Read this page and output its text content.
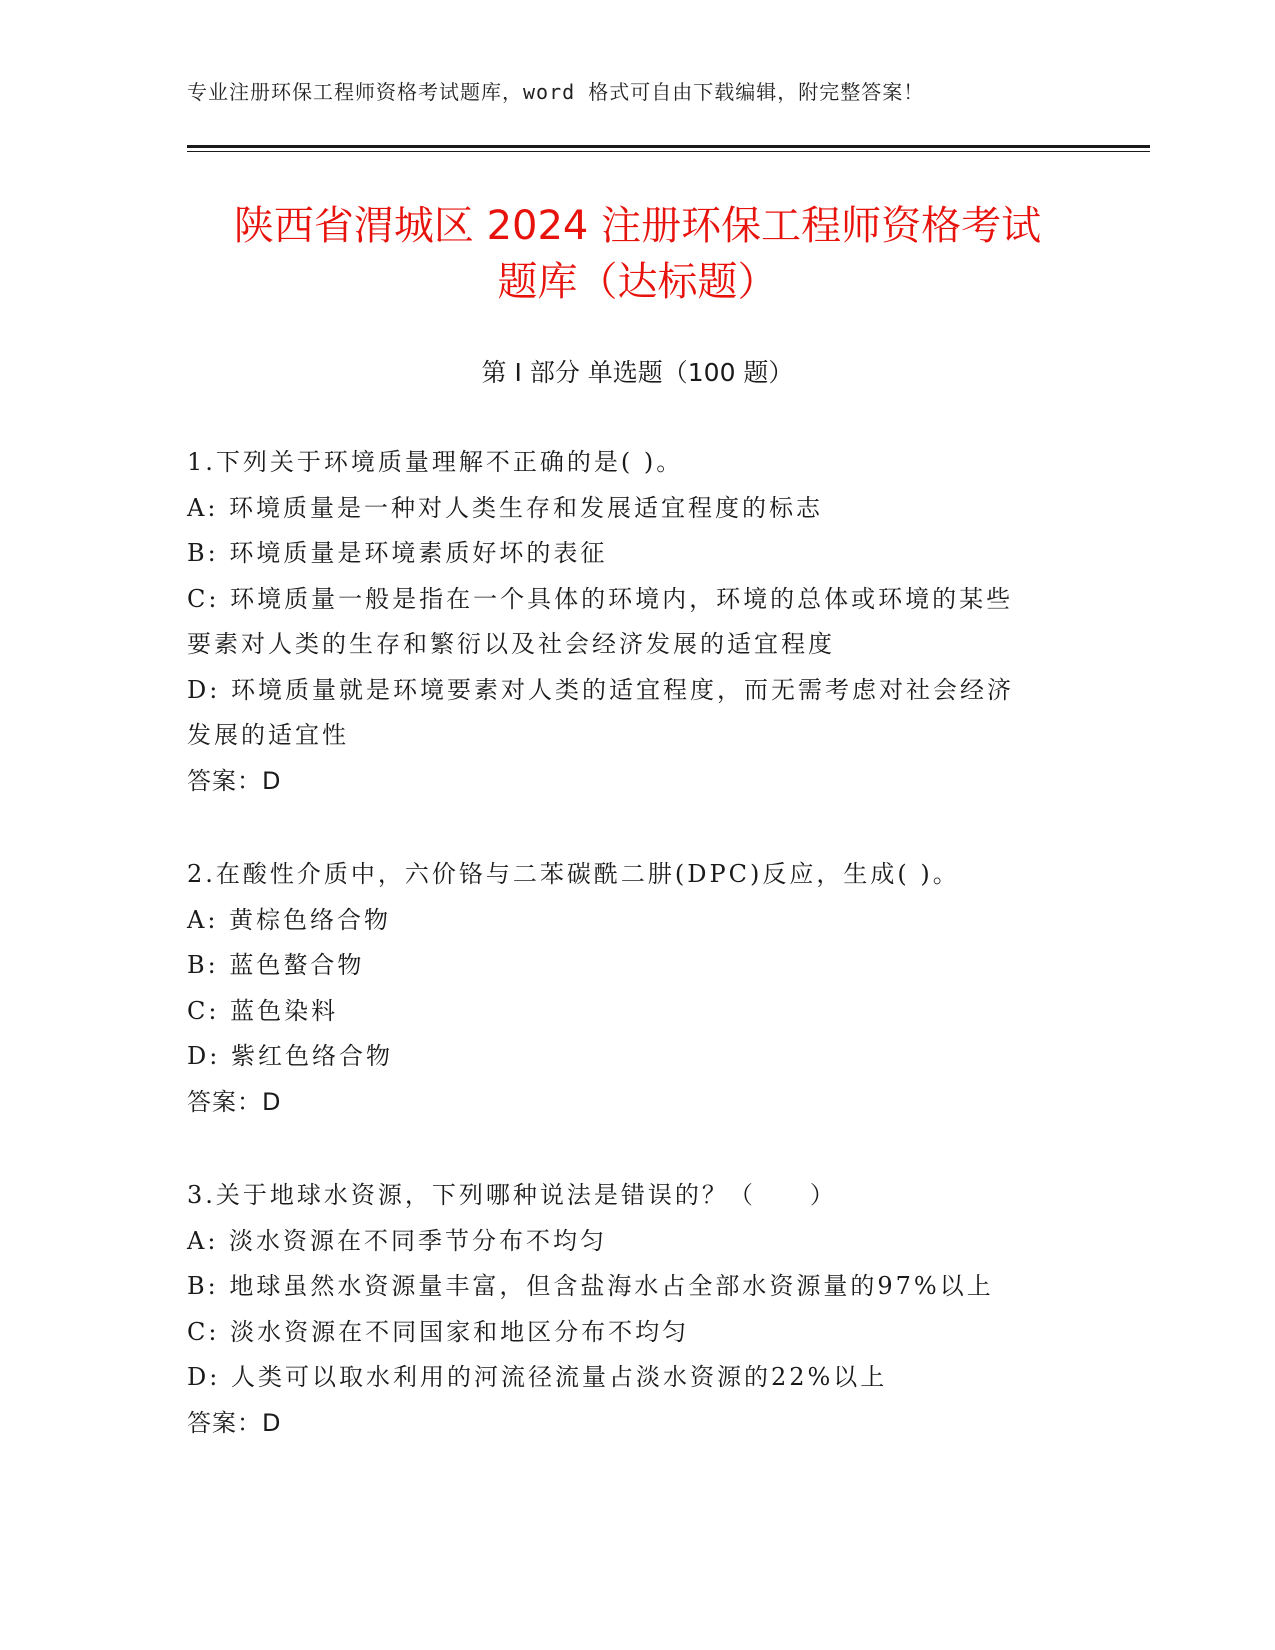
专业注册环保工程师资格考试题库，word 格式可自由下载编辑，附完整答案！
陕西省渭城区 2024 注册环保工程师资格考试
题库（达标题）
第 I 部分 单选题（100 题）
1.下列关于环境质量理解不正确的是( )。
A: 环境质量是一种对人类生存和发展适宜程度的标志
B: 环境质量是环境素质好坏的表征
C: 环境质量一般是指在一个具体的环境内，环境的总体或环境的某些
要素对人类的生存和繁衍以及社会经济发展的适宜程度
D: 环境质量就是环境要素对人类的适宜程度，而无需考虑对社会经济
发展的适宜性
答案：D
2.在酸性介质中，六价铬与二苯碳酰二肼(DPC)反应，生成( )。
A: 黄棕色络合物
B: 蓝色螯合物
C: 蓝色染料
D: 紫红色络合物
答案：D
3.关于地球水资源，下列哪种说法是错误的？（　　）
A: 淡水资源在不同季节分布不均匀
B: 地球虽然水资源量丰富，但含盐海水占全部水资源量的97%以上
C: 淡水资源在不同国家和地区分布不均匀
D: 人类可以取水利用的河流径流量占淡水资源的22%以上
答案：D
